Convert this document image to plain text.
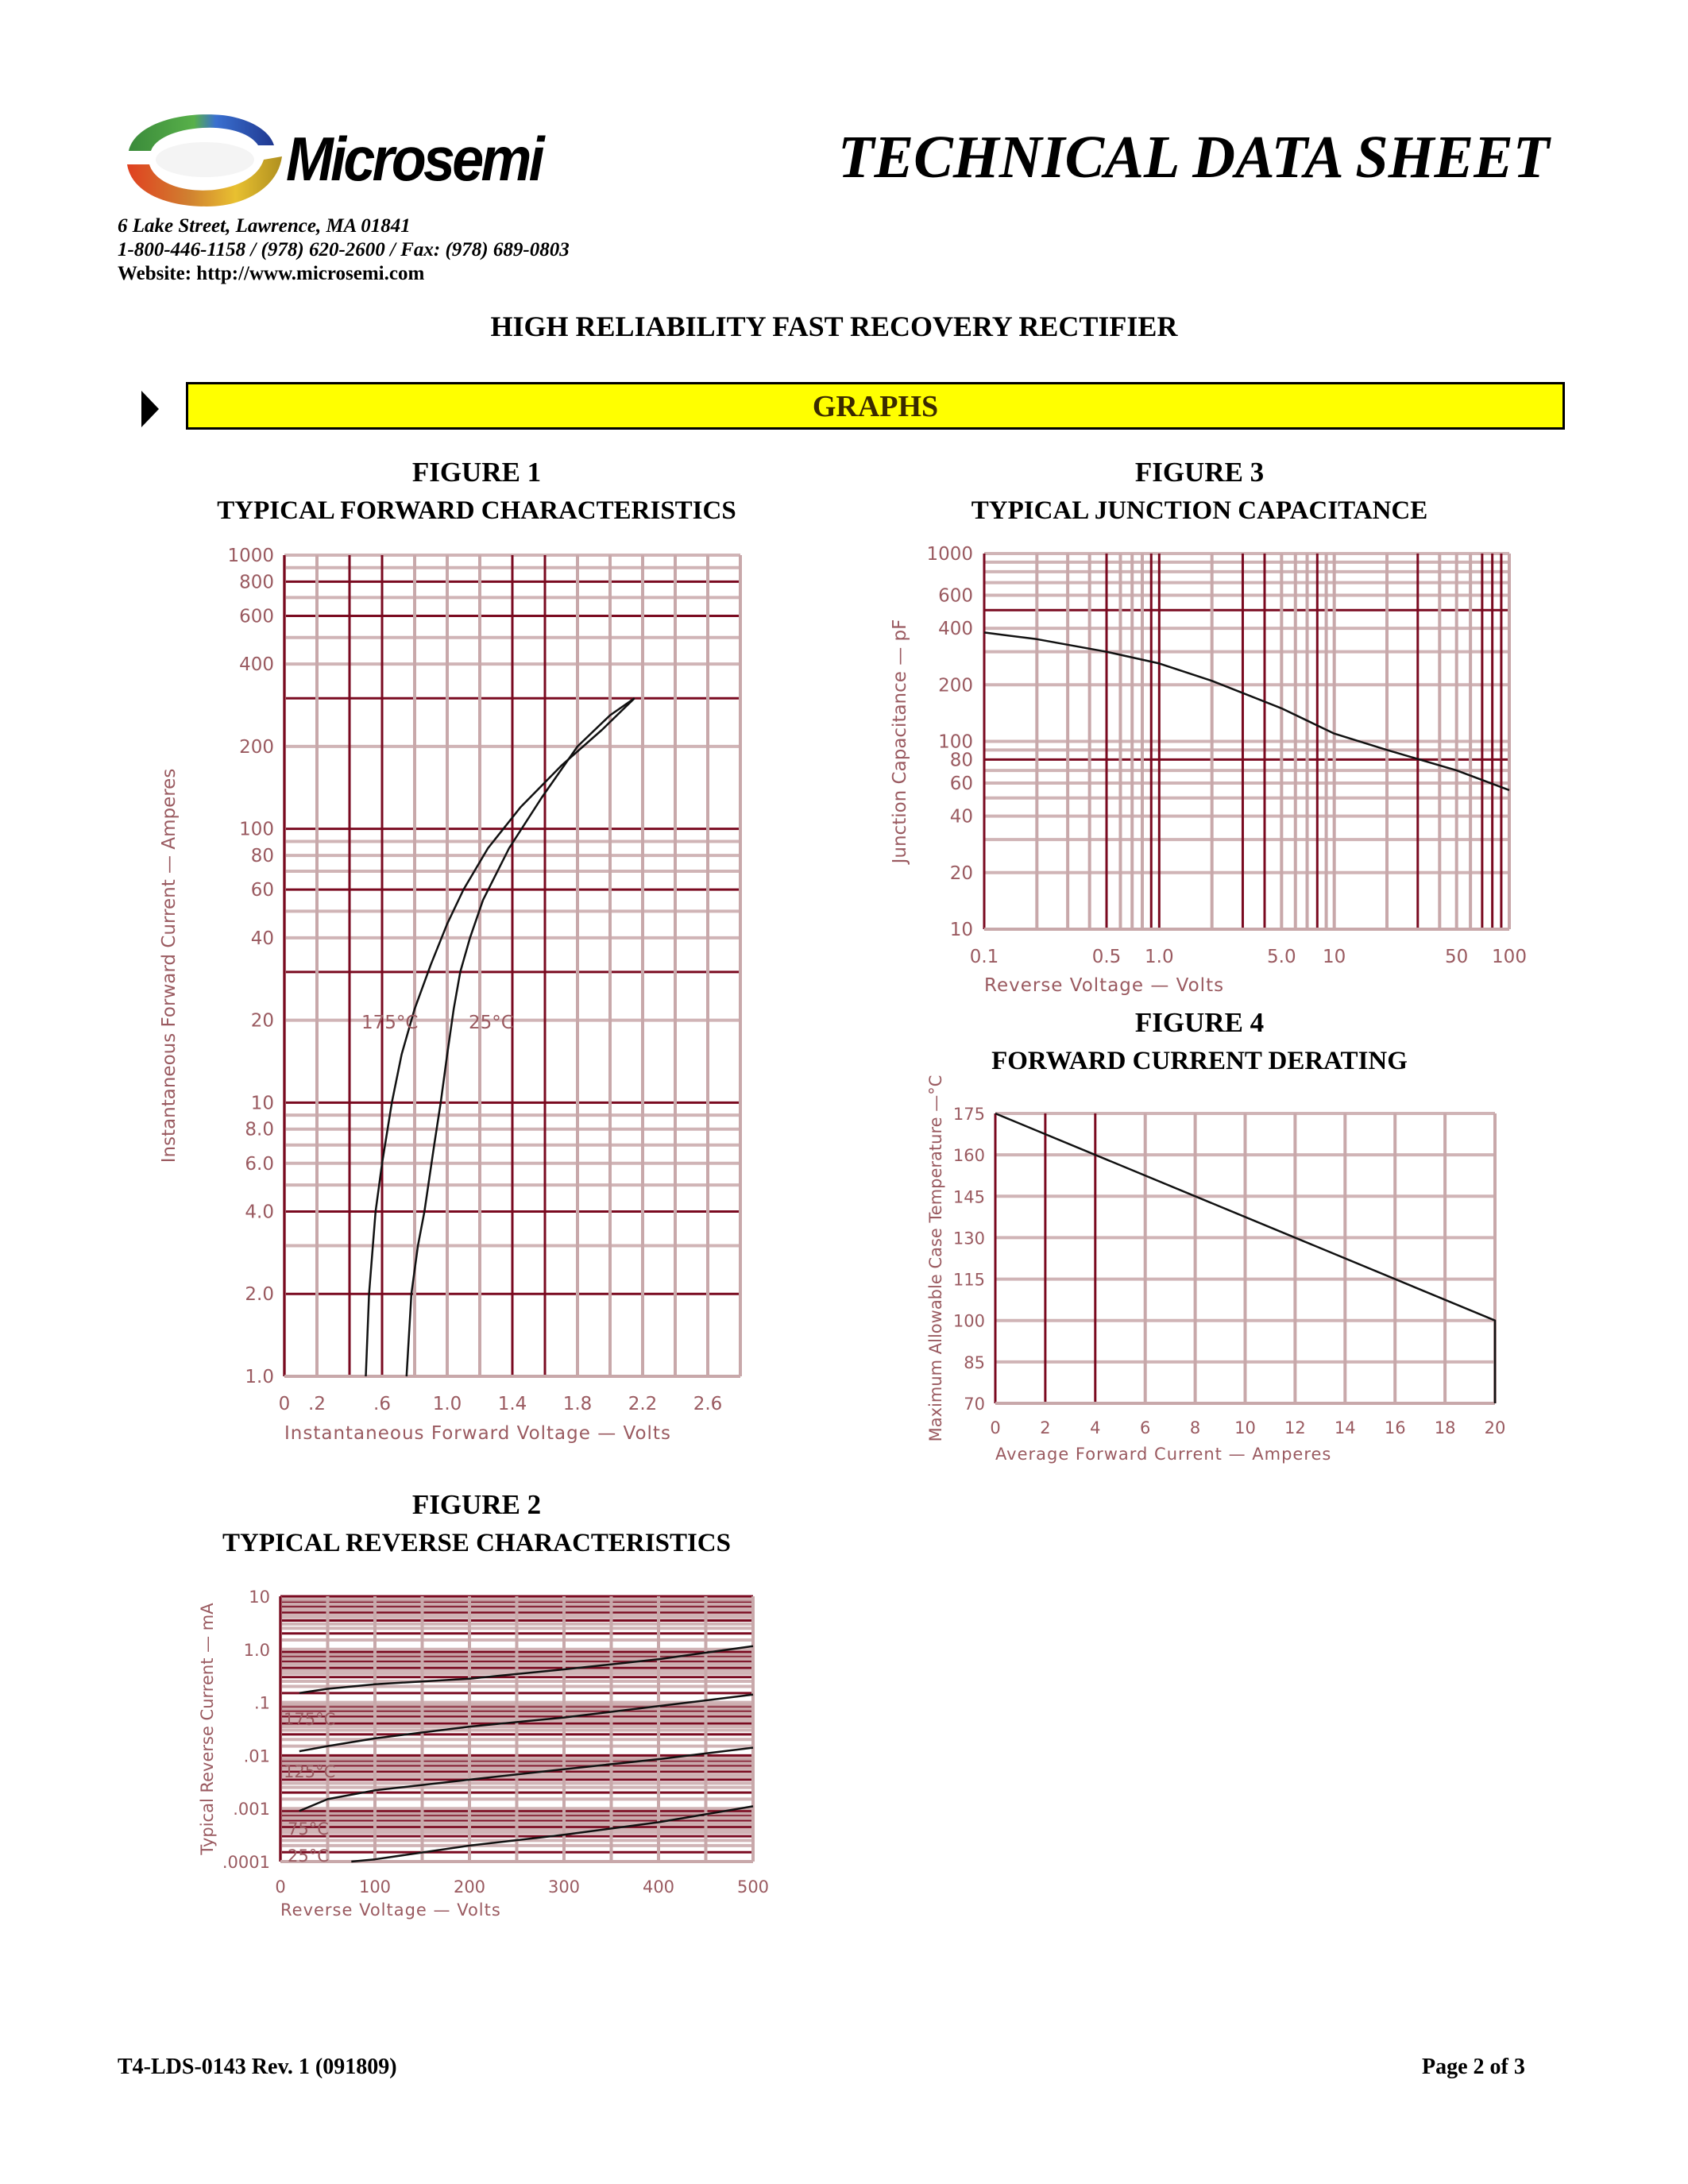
Microsemi	TECHNICAL DATA SHEET
6 Lake Street, Lawrence, MA 01841
1-800-446-1158 / (978) 620-2600 / Fax: (978) 689-0803
Website: http://www.microsemi.com
HIGH RELIABILITY FAST RECOVERY RECTIFIER
GRAPHS
FIGURE 1
TYPICAL FORWARD CHARACTERISTICS
FIGURE 3
TYPICAL JUNCTION CAPACITANCE
FIGURE 4
FORWARD CURRENT DERATING
FIGURE 2
TYPICAL REVERSE CHARACTERISTICS
1.0
2.0
4.0
6.0
8.0
10
20
40
60
80
100
200
400
600
800
1000
0 .2	.6 1.0 1.4 1.8 2.2 2.6
Instantaneous Forward Voltage — Volts
Instantaneous Forward Current — Amperes	175°C	25°C
.0001
.001
.01
.1
1.0
10
0	100	200	300	400	500
Reverse Voltage — Volts
Typical Reverse Current — mA	175°C
125°C
75°C
25°C
10
20
40
60
80
100
200
400
600
1000
0.1	0.5 1.0	5.0 10	50 100
Reverse Voltage — Volts
Junction Capacitance — pF
70
85
100
115
130
145
160
175
0 2 4 6 8 10 12 14 16 18 20
Average Forward Current — Amperes
Maximum Allowable Case Temperature —°C
T4-LDS-0143 Rev. 1 (091809)	Page 2 of 3
